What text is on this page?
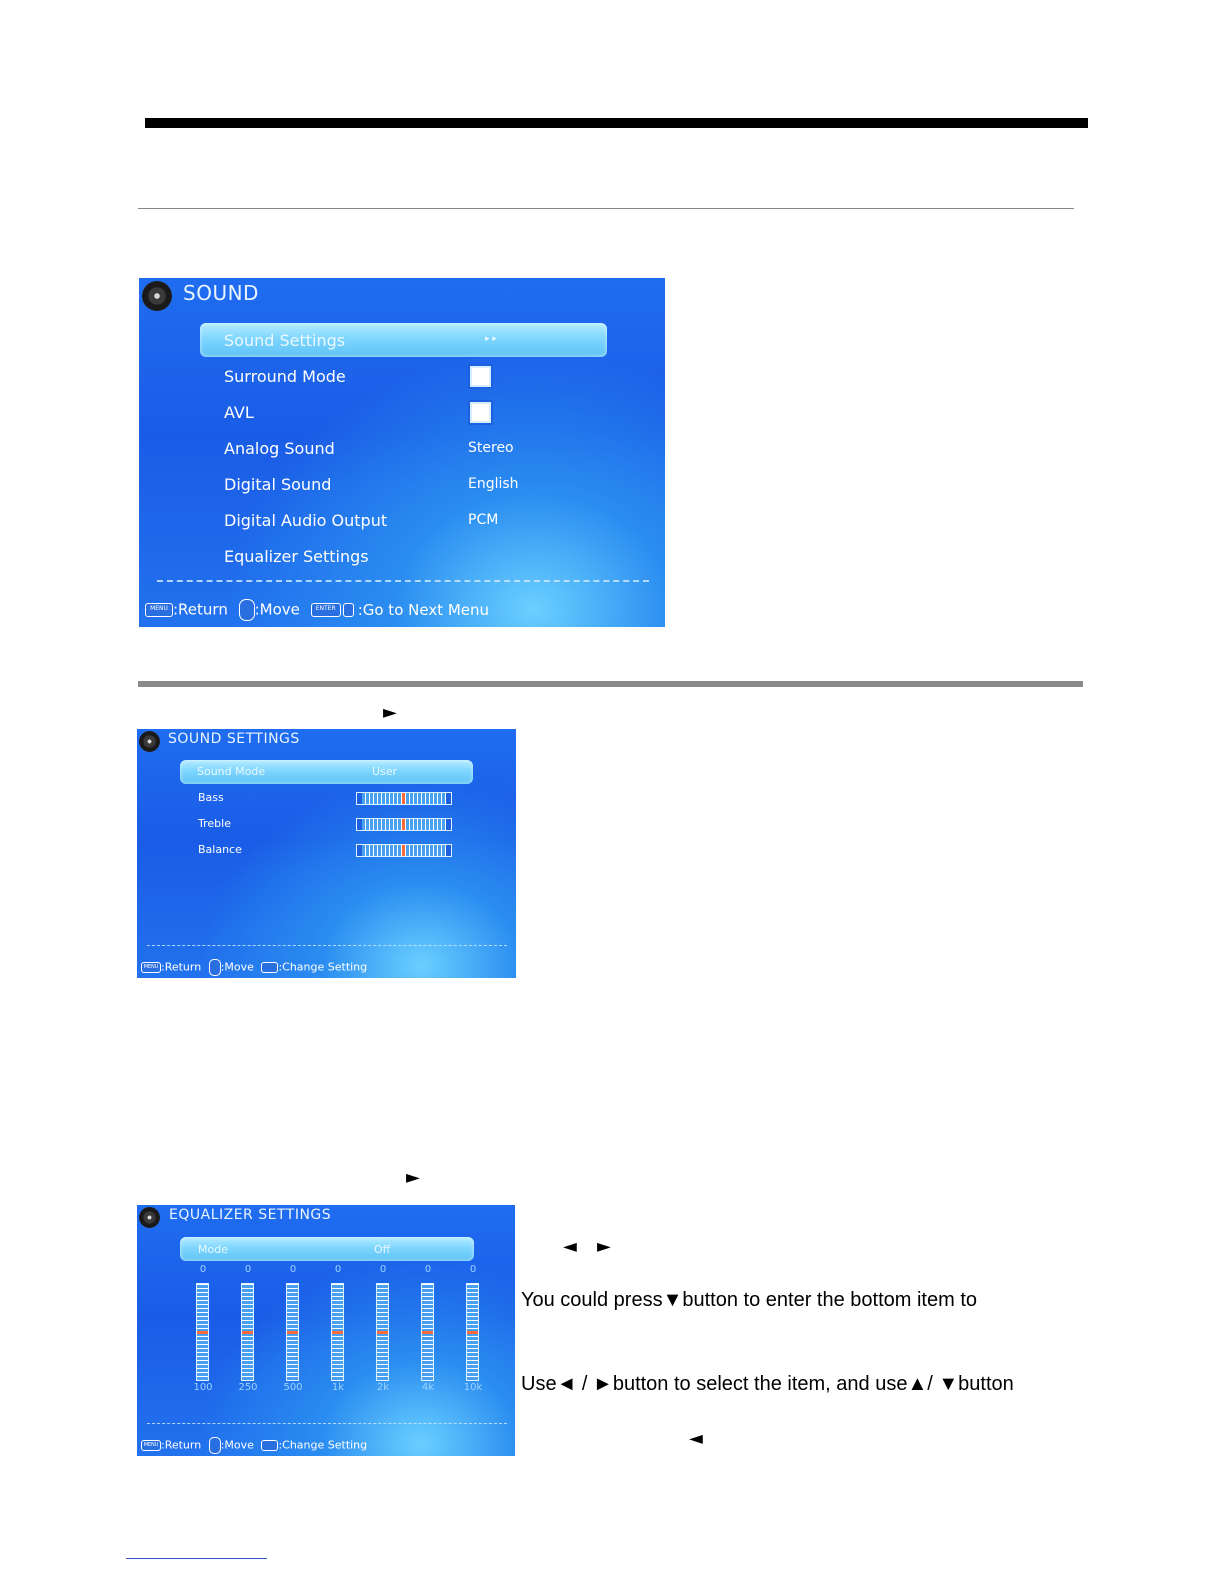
SOUND
Sound Settings	▸ ▸
Surround Mode
AVL
Analog Sound	Stereo
Digital Sound	English
Digital Audio Output	PCM
Equalizer Settings
MENU :Return :Move	ENTER :Go to Next Menu
►
SOUND SETTINGS
Sound Mode	User
Bass
Treble
Balance
MENU :Return :Move :Change Setting
►
EQUALIZER SETTINGS
Mode	Off
0
100
0
250
0
500
0
1k
0
2k
0
4k
0
10k
MENU :Return :Move :Change Setting
◄ ►
You could press▼button to enter the bottom item to
Use◄ / ►button to select the item, and use▲/ ▼button
◄
